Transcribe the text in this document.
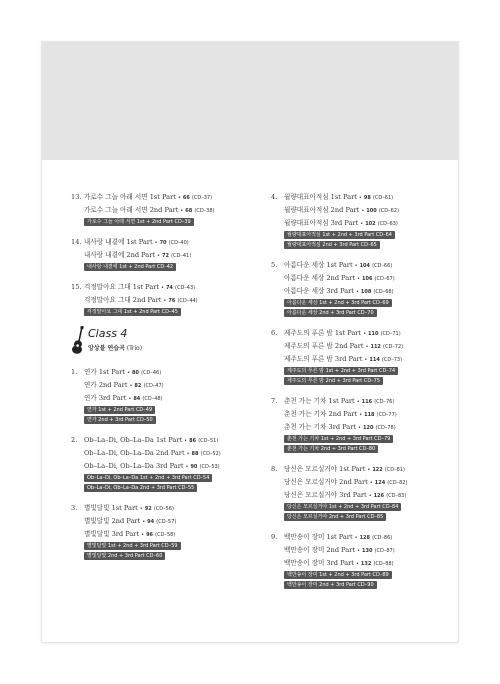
13. 가로수 그늘 아래 서면 1st Part • 66 (CD–37)
가로수 그늘 아래 서면 2nd Part • 68 (CD–38)
가로수 그늘 아래 서면 1st + 2nd Part CD–39
14. 내사랑 내곁에 1st Part • 70 (CD–40)
내사랑 내곁에 2nd Part • 72 (CD–41)
내사랑 내곁에 1st + 2nd Part CD–42
15. 걱정말아요 그대 1st Part • 74 (CD–43)
걱정말아요 그대 2nd Part • 76 (CD–44)
걱정말아요 그대 1st + 2nd Part CD–45
Class 4
앙상블 연습곡 (Trio)
1. 연가 1st Part • 80 (CD–46)
연가 2nd Part • 82 (CD–47)
연가 3rd Part • 84 (CD–48)
연가 1st + 2nd Part CD–49
연가 2nd + 3rd Part CD–50
2. Ob–La–Di, Ob–La–Da 1st Part • 86 (CD–51)
Ob–La–Di, Ob–La–Da 2nd Part • 88 (CD–52)
Ob–La–Di, Ob–La–Da 3rd Part • 90 (CD–53)
Ob–La–Di, Ob–La–Da 1st + 2nd + 3rd Part CD–54
Ob–La–Di, Ob–La–Da 2nd + 3rd Part CD–55
3. 별빛달빛 1st Part • 92 (CD–56)
별빛달빛 2nd Part • 94 (CD–57)
별빛달빛 3rd Part • 96 (CD–58)
별빛달빛 1st + 2nd + 3rd Part CD–59
별빛달빛 2nd + 3rd Part CD–60
4. 월량대표아적심 1st Part • 98 (CD–61)
월량대표아적심 2nd Part • 100 (CD–62)
월량대표아적심 3rd Part • 102 (CD–63)
월량대표아적심 1st + 2nd + 3rd Part CD–64
월량대표아적심 2nd + 3rd Part CD–65
5. 아름다운 세상 1st Part • 104 (CD–66)
아름다운 세상 2nd Part • 106 (CD–67)
아름다운 세상 3rd Part • 108 (CD–68)
아름다운 세상 1st + 2nd + 3rd Part CD–69
아름다운 세상 2nd + 3rd Part CD–70
6. 제주도의 푸른 밤 1st Part • 110 (CD–71)
제주도의 푸른 밤 2nd Part • 112 (CD–72)
제주도의 푸른 밤 3rd Part • 114 (CD–73)
제주도의 푸른 밤 1st + 2nd + 3rd Part CD–74
제주도의 푸른 밤 2nd + 3rd Part CD–75
7. 춘천 가는 기차 1st Part • 116 (CD–76)
춘천 가는 기차 2nd Part • 118 (CD–77)
춘천 가는 기차 3rd Part • 120 (CD–78)
춘천 가는 기차 1st + 2nd + 3rd Part CD–79
춘천 가는 기차 2nd + 3rd Part CD–80
8. 당신은 모르실거야 1st Part • 122 (CD–81)
당신은 모르실거야 2nd Part • 124 (CD–82)
당신은 모르실거야 3rd Part • 126 (CD–83)
당신은 모르실거야 1st + 2nd + 3rd Part CD–84
당신은 모르실거야 2nd + 3rd Part CD–85
9. 백만송이 장미 1st Part • 128 (CD–86)
백만송이 장미 2nd Part • 130 (CD–87)
백만송이 장미 3rd Part • 132 (CD–88)
백만송이 장미 1st + 2nd + 3rd Part CD–89
백만송이 장미 2nd + 3rd Part CD–90
